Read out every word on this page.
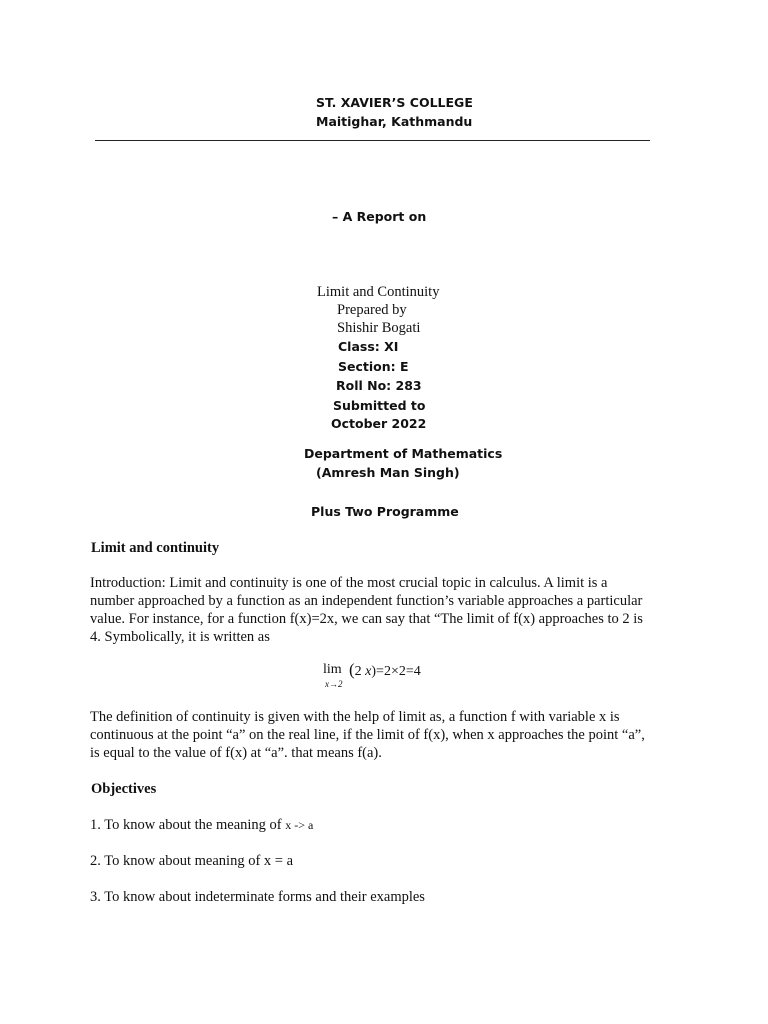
ST. XAVIER’S COLLEGE
Maitighar, Kathmandu
– A Report on
Limit and Continuity
Prepared by
Shishir Bogati
Class: XI
Section: E
Roll No: 283
Submitted to
October 2022
Department of Mathematics
(Amresh Man Singh)
Plus Two Programme
Limit and continuity
Introduction: Limit and continuity is one of the most crucial topic in calculus. A limit is a
number approached by a function as an independent function’s variable approaches a particular
value. For instance, for a function f(x)=2x, we can say that “The limit of f(x) approaches to 2 is
4. Symbolically, it is written as
lim
x→2
(2 x)=2×2=4
The definition of continuity is given with the help of limit as, a function f with variable x is
continuous at the point “a” on the real line, if the limit of f(x), when x approaches the point “a”,
is equal to the value of f(x) at “a”. that means f(a).
Objectives
1. To know about the meaning of x -> a
2. To know about meaning of x = a
3. To know about indeterminate forms and their examples
